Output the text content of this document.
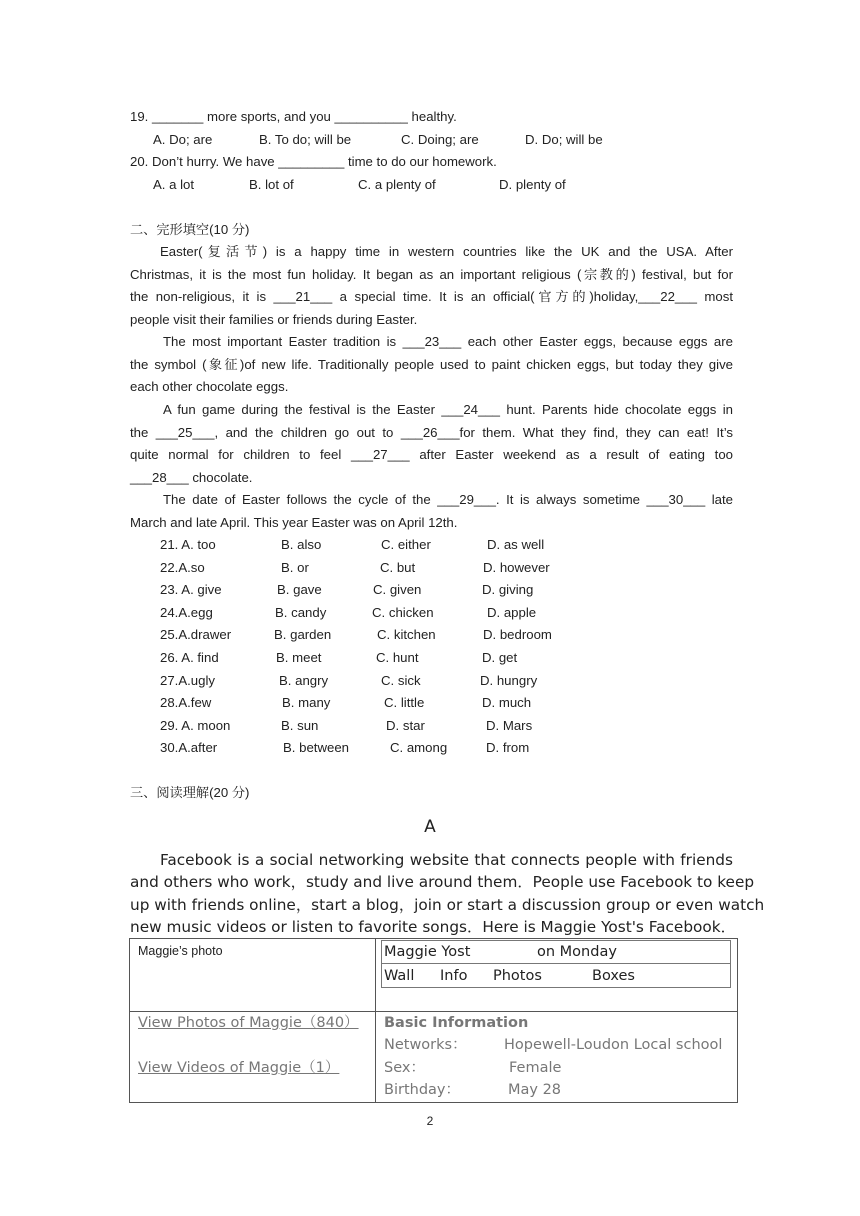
19. _______ more sports, and you __________ healthy.
A. Do; are	B. To do; will be	C. Doing; are	D. Do; will be
20. Don’t hurry. We have _________ time to do our homework.
A. a lot	B. lot of	C. a plenty of	D. plenty of
二、完形填空(10 分)
Easter(复活节) is a happy time in western countries like the UK and the USA. After
Christmas, it is the most fun holiday. It began as an important religious (宗教的) festival, but for
the non-religious, it is ___21___ a special time. It is an official(官方的)holiday,___22___ most
people visit their families or friends during Easter.
The most important Easter tradition is ___23___ each other Easter eggs, because eggs are
the symbol (象征)of new life. Traditionally people used to paint chicken eggs, but today they give
each other chocolate eggs.
A fun game during the festival is the Easter ___24___ hunt. Parents hide chocolate eggs in
the ___25___, and the children go out to ___26___for them. What they find, they can eat! It’s
quite normal for children to feel ___27___ after Easter weekend as a result of eating too
___28___ chocolate.
The date of Easter follows the cycle of the ___29___. It is always sometime ___30___ late
March and late April. This year Easter was on April 12th.
21. A. too	B. also	C. either	D. as well
22.A.so	B. or	C. but	D. however
23. A. give	B. gave	C. given	D. giving
24.A.egg	B. candy	C. chicken	D. apple
25.A.drawer	B. garden	C. kitchen	D. bedroom
26. A. find	B. meet	C. hunt	D. get
27.A.ugly	B. angry	C. sick	D. hungry
28.A.few	B. many	C. little	D. much
29. A. moon	B. sun	D. star	D. Mars
30.A.after	B. between	C. among	D. from
三、阅读理解(20 分)
A
Facebook is a social networking website that connects people with friends
and others who work，study and live around them．People use Facebook to keep
up with friends online，start a blog，join or start a discussion group or even watch
new music videos or listen to favorite songs．Here is Maggie Yost's Facebook．
Maggie’s photo	Maggie Yost	on Monday
Wall Info Photos	Boxes
View Photos of Maggie（840）
View Videos of Maggie（1）
Basic Information
Networks：	Hopewell-Loudon Local school
Sex：	Female
Birthday：	May 28
2
